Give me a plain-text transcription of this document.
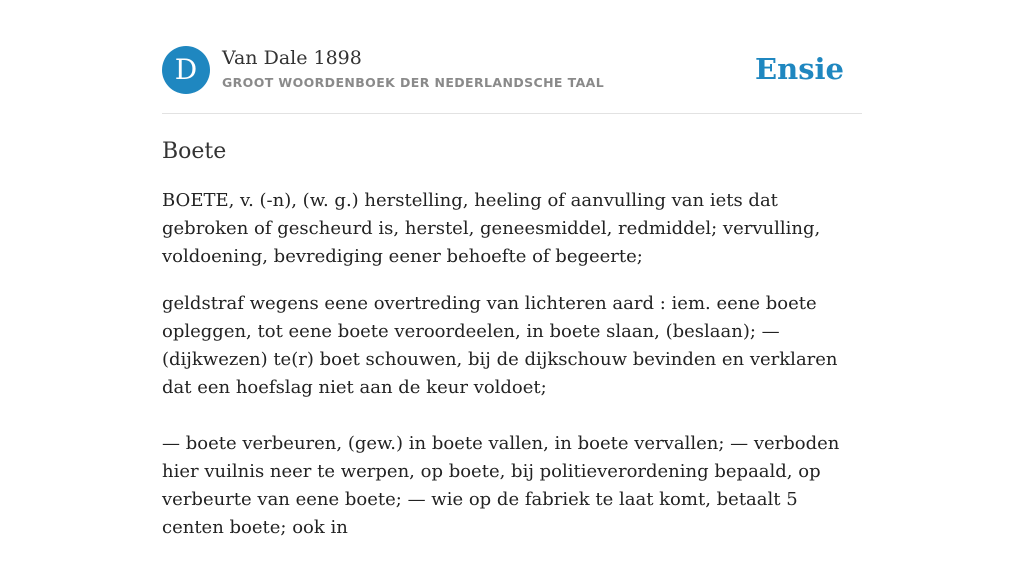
D	Van Dale 1898
GROOT WOORDENBOEK DER NEDERLANDSCHE TAAL	Ensie
Boete

BOETE, v. (-n), (w. g.) herstelling, heeling of aanvulling van iets dat gebroken of gescheurd is, herstel, geneesmiddel, redmiddel; vervulling, voldoening, bevrediging eener behoefte of begeerte;

geldstraf wegens eene overtreding van lichteren aard : iem. eene boete opleggen, tot eene boete veroordeelen, in boete slaan, (beslaan); — (dijkwezen) te(r) boet schouwen, bij de dijkschouw bevinden en verklaren dat een hoefslag niet aan de keur voldoet;

— boete verbeuren, (gew.) in boete vallen, in boete vervallen; — verboden hier vuilnis neer te werpen, op boete, bij politieverordening bepaald, op verbeurte van eene boete; — wie op de fabriek te laat komt, betaalt 5 centen boete; ook in
